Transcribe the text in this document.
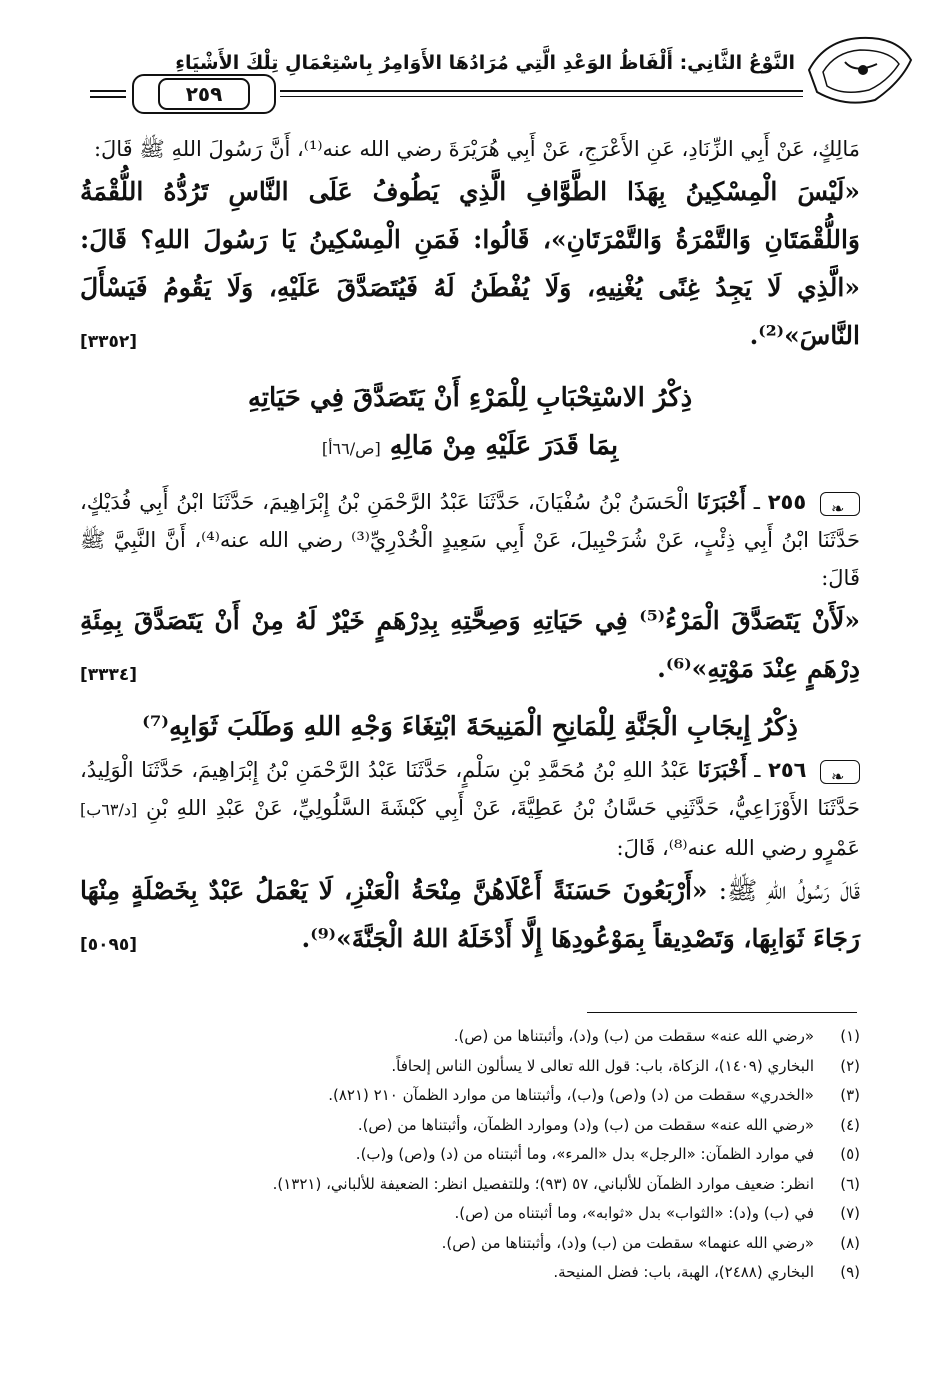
النَّوْعُ الثَّانِي: أَلْفَاظُ الوَعْدِ الَّتِي مُرَادُهَا الأَوَامِرُ بِاسْتِعْمَالِ تِلْكَ الأَشْيَاءِ
٢٥٩

مَالِكٍ، عَنْ أَبِي الزِّنَادِ، عَنِ الأَعْرَجِ، عَنْ أَبِي هُرَيْرَةَ رضي الله عنه⁽¹⁾، أَنَّ رَسُولَ اللهِ ﷺ قَالَ:

«لَيْسَ الْمِسْكِينُ بِهَذَا الطَّوَّافِ الَّذِي يَطُوفُ عَلَى النَّاسِ تَرُدُّهُ اللُّقْمَةُ وَاللُّقْمَتَانِ وَالتَّمْرَةُ وَالتَّمْرَتَانِ»، قَالُوا: فَمَنِ الْمِسْكِينُ يَا رَسُولَ اللهِ؟ قَالَ: «الَّذِي لَا يَجِدُ غِنًى يُغْنِيهِ، وَلَا يُفْطَنُ لَهُ فَيُتَصَدَّقَ عَلَيْهِ، وَلَا يَقُومُ فَيَسْأَلَ النَّاسَ»⁽²⁾.
[٣٣٥٢]

ذِكْرُ الاسْتِحْبَابِ لِلْمَرْءِ أَنْ يَتَصَدَّقَ فِي حَيَاتِهِ

بِمَا قَدَرَ عَلَيْهِ مِنْ مَالِهِ [ص/٦٦أ]

❧ ٢٥٥ ـ أَخْبَرَنَا الْحَسَنُ بْنُ سُفْيَانَ، حَدَّثَنَا عَبْدُ الرَّحْمَنِ بْنُ إِبْرَاهِيمَ، حَدَّثَنَا ابْنُ أَبِي فُدَيْكٍ، حَدَّثَنَا ابْنُ أَبِي ذِئْبٍ، عَنْ شُرَحْبِيلَ، عَنْ أَبِي سَعِيدٍ الْخُدْرِيِّ⁽³⁾ رضي الله عنه⁽⁴⁾، أَنَّ النَّبِيَّ ﷺ قَالَ:

«لَأَنْ يَتَصَدَّقَ الْمَرْءُ⁽⁵⁾ فِي حَيَاتِهِ وَصِحَّتِهِ بِدِرْهَمٍ خَيْرٌ لَهُ مِنْ أَنْ يَتَصَدَّقَ بِمِئَةِ دِرْهَمٍ عِنْدَ مَوْتِهِ»⁽⁶⁾.
[٣٣٣٤]

ذِكْرُ إِيجَابِ الْجَنَّةِ لِلْمَانِحِ الْمَنِيحَةَ ابْتِغَاءَ وَجْهِ اللهِ وَطَلَبَ ثَوَابِهِ⁽⁷⁾

❧ ٢٥٦ ـ أَخْبَرَنَا عَبْدُ اللهِ بْنُ مُحَمَّدِ بْنِ سَلْمٍ، حَدَّثَنَا عَبْدُ الرَّحْمَنِ بْنُ إِبْرَاهِيمَ، حَدَّثَنَا الْوَلِيدُ، حَدَّثَنَا الأَوْزَاعِيُّ، حَدَّثَنِي حَسَّانُ بْنُ عَطِيَّةَ، عَنْ أَبِي كَبْشَةَ السَّلُولِيِّ، عَنْ عَبْدِ اللهِ بْنِ [د/٦٣ب] عَمْرٍو رضي الله عنه⁽⁸⁾، قَالَ:

قَالَ رَسُولُ اللهِ ﷺ: «أَرْبَعُونَ حَسَنَةً أَعْلَاهُنَّ مِنْحَةُ الْعَنْزِ، لَا يَعْمَلُ عَبْدٌ بِخَصْلَةٍ مِنْهَا رَجَاءَ ثَوَابِهَا، وَتَصْدِيقاً بِمَوْعُودِهَا إِلَّا أَدْخَلَهُ اللهُ الْجَنَّةَ»⁽⁹⁾.
[٥٠٩٥]

(١)«رضي الله عنه» سقطت من (ب) و(د)، وأثبتناها من (ص).
(٢)البخاري (١٤٠٩)، الزكاة، باب: قول الله تعالى لا يسألون الناس إلحافاً.
(٣)«الخدري» سقطت من (د) و(ص) و(ب)، وأثبتناها من موارد الظمآن ٢١٠ (٨٢١).
(٤)«رضي الله عنه» سقطت من (ب) و(د) وموارد الظمآن، وأثبتناها من (ص).
(٥)في موارد الظمآن: «الرجل» بدل «المرء»، وما أثبتناه من (د) و(ص) و(ب).
(٦)انظر: ضعيف موارد الظمآن للألباني، ٥٧ (٩٣)؛ وللتفصيل انظر: الضعيفة للألباني، (١٣٢١).
(٧)في (ب) و(د): «الثواب» بدل «ثوابه»، وما أثبتناه من (ص).
(٨)«رضي الله عنهما» سقطت من (ب) و(د)، وأثبتناها من (ص).
(٩)البخاري (٢٤٨٨)، الهبة، باب: فضل المنيحة.
